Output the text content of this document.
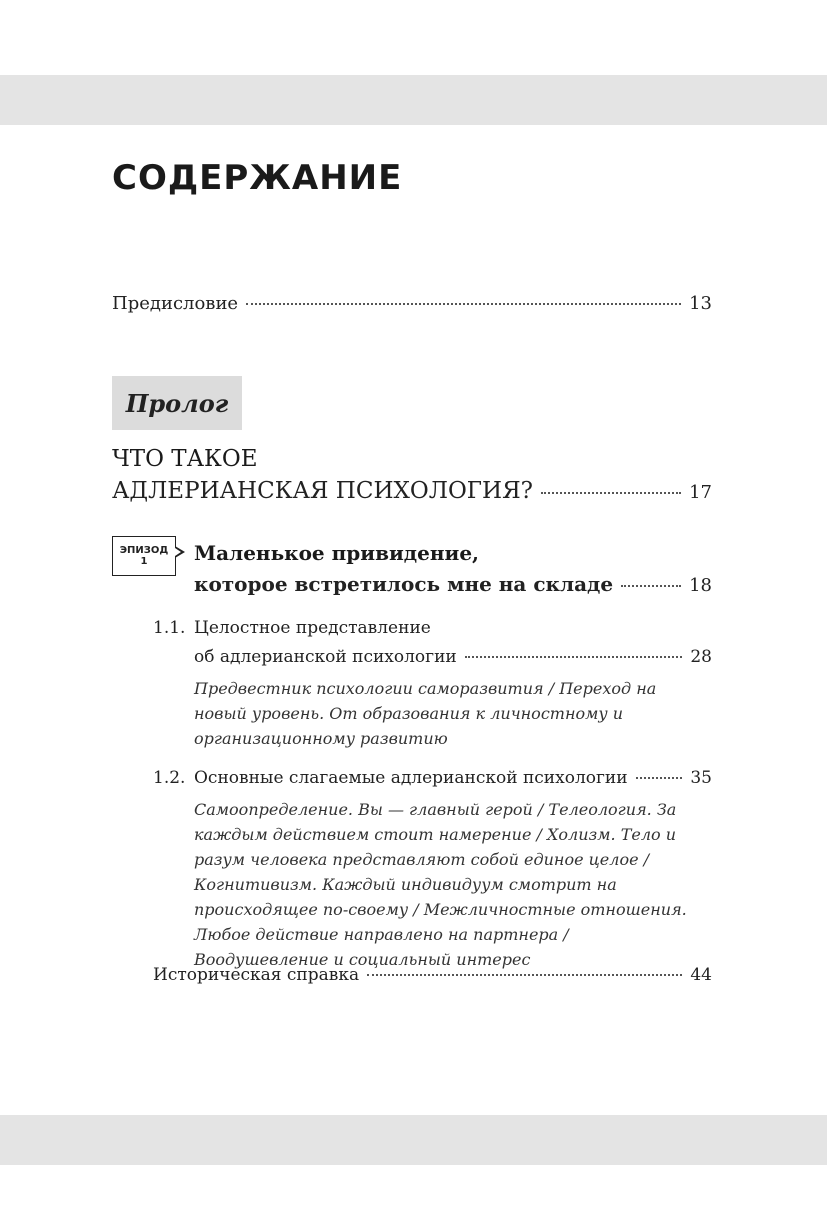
СОДЕРЖАНИЕ
Предисловие	13
Пролог
ЧТО ТАКОЕ
АДЛЕРИАНСКАЯ ПСИХОЛОГИЯ?	17
ЭПИЗОД
1 Маленькое привидение,
которое встретилось мне на складе	18
1.1. Целостное представление
об адлерианской психологии	28
Предвестник психологии саморазвития / Переход на новый уровень. От образования к личностному и организационному развитию
1.2. Основные слагаемые адлерианской психологии	35
Самоопределение. Вы — главный герой / Телеология. За каждым действием стоит намерение / Холизм. Тело и разум человека представляют собой единое целое / Когнитивизм. Каждый индивидуум смотрит на происходящее по-своему / Межличностные отношения. Любое действие направлено на партнера / Воодушевление и социальный интерес
Историческая справка	44
